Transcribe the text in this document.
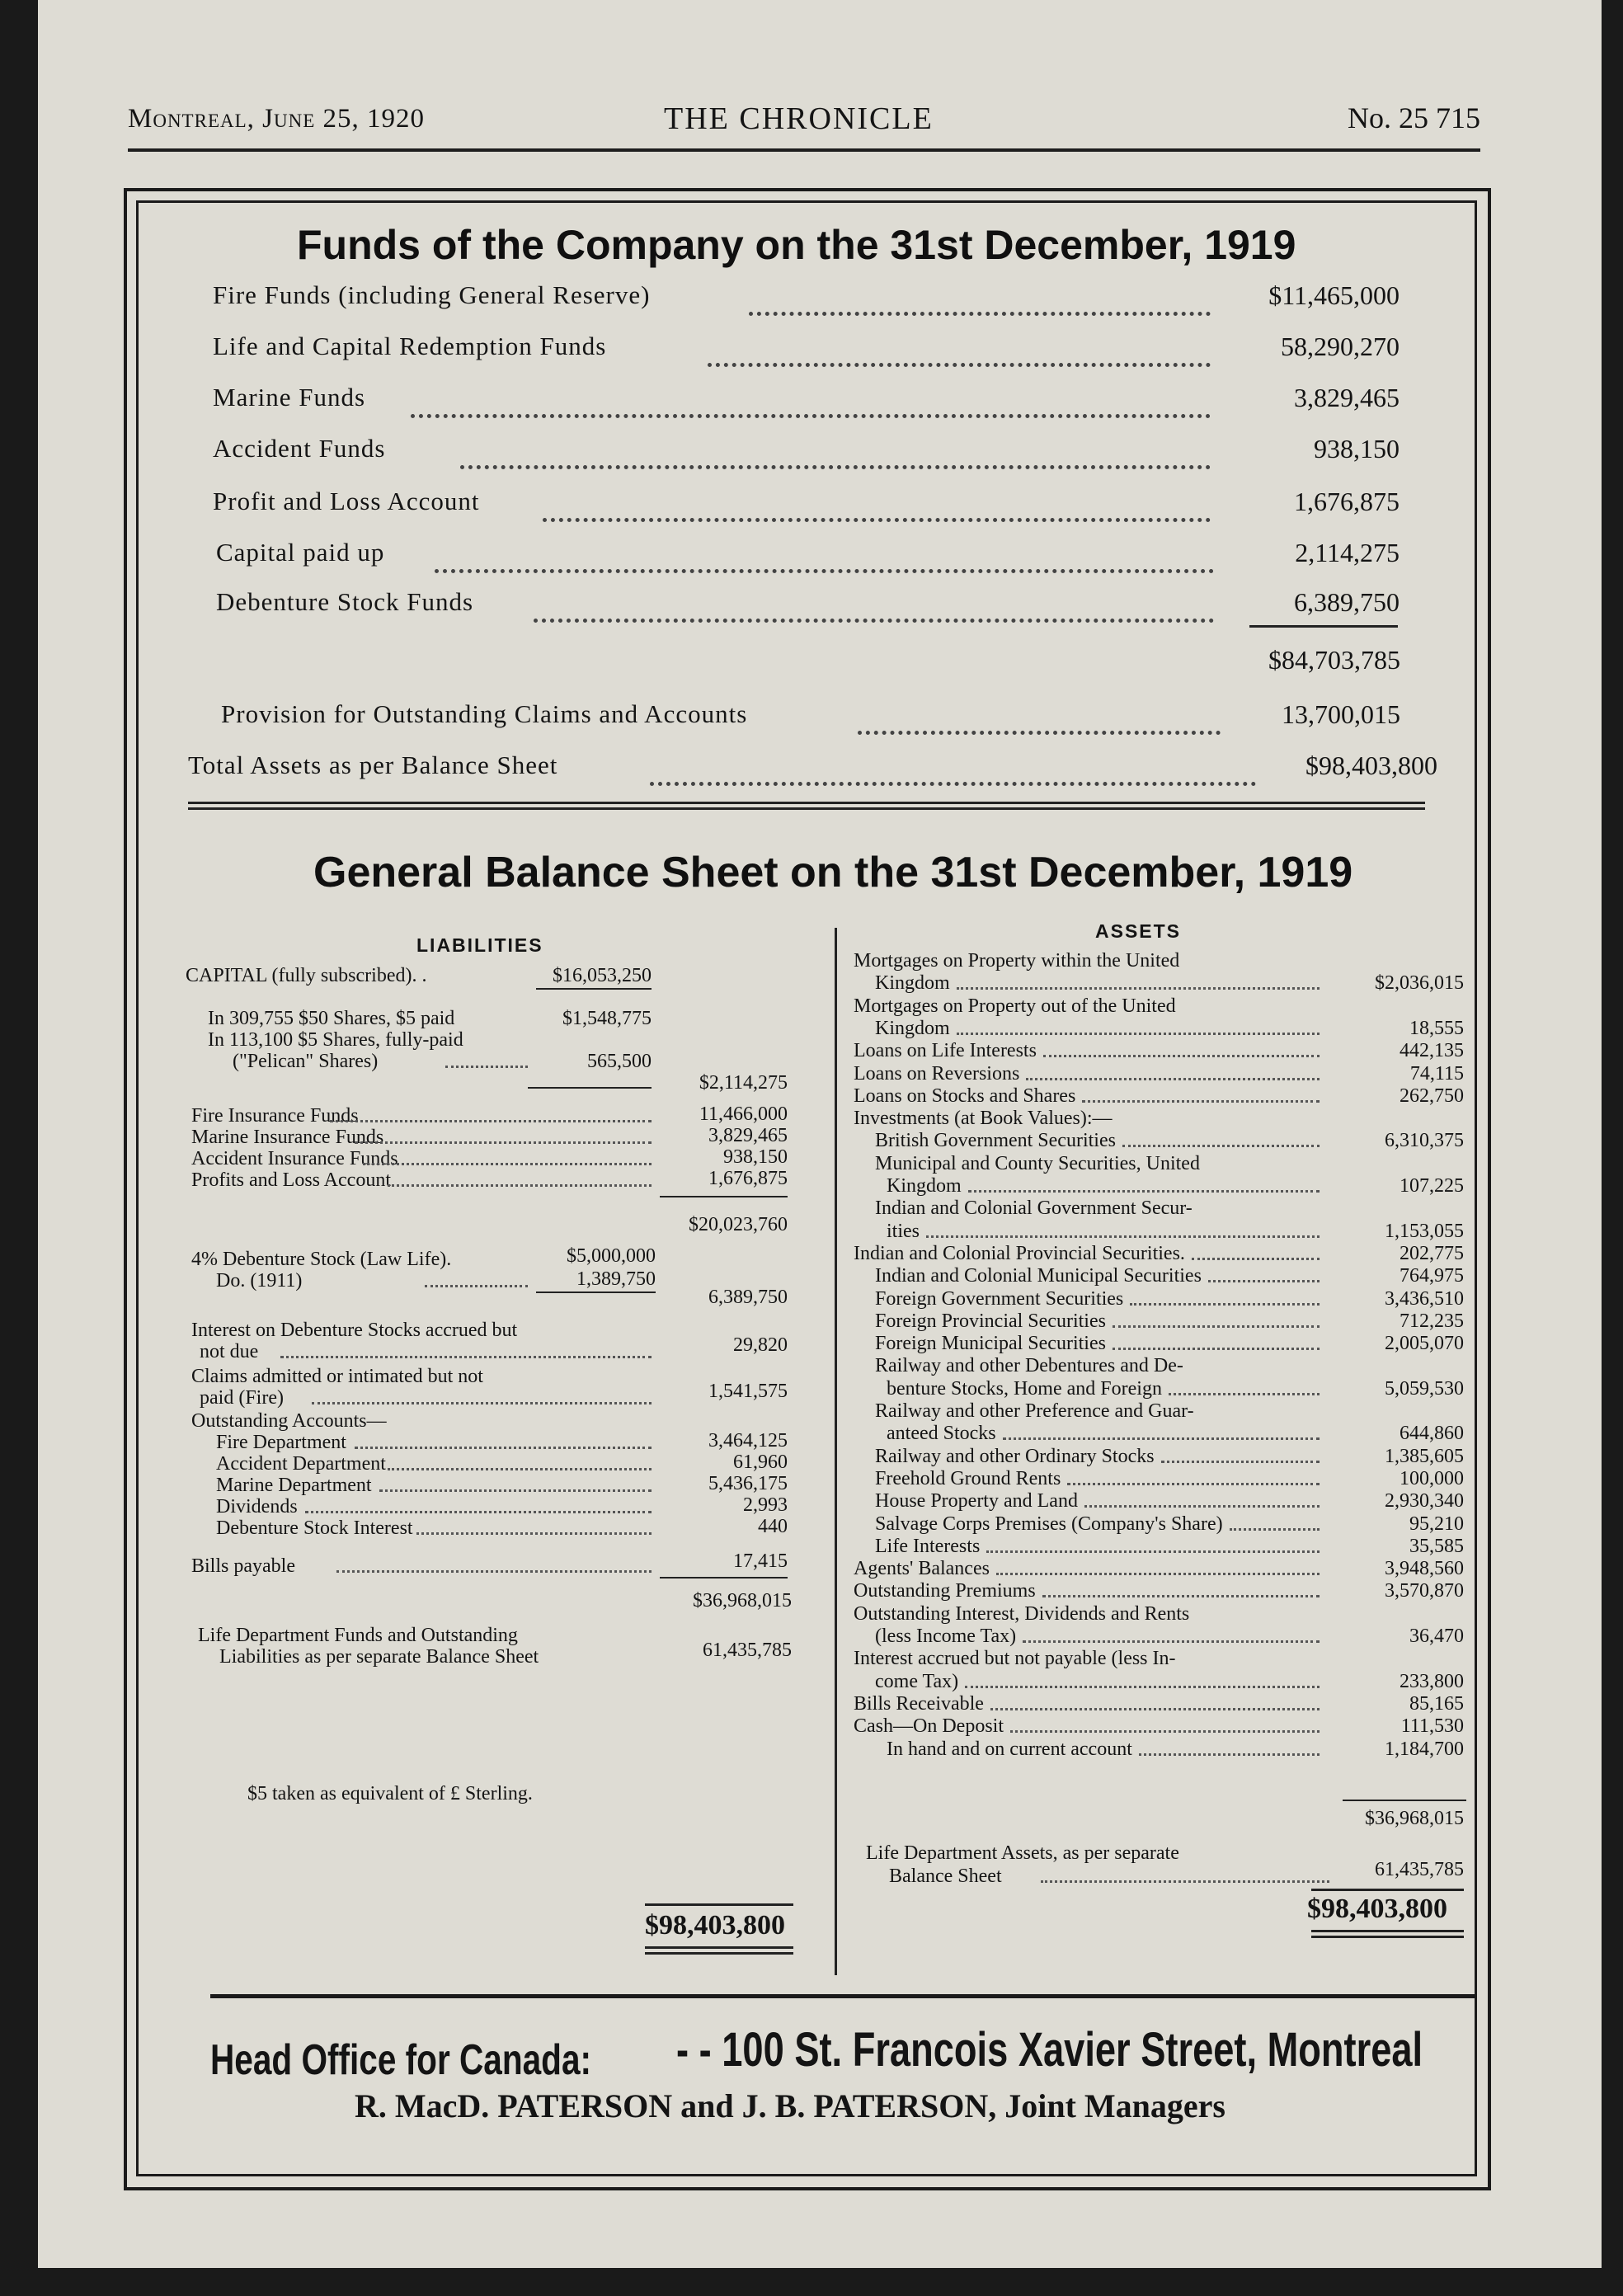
Montreal, June 25, 1920	THE CHRONICLE	No. 25 715
Funds of the Company on the 31st December, 1919
Fire Funds (including General Reserve)	$11,465,000
Life and Capital Redemption Funds	58,290,270
Marine Funds	3,829,465
Accident Funds	938,150
Profit and Loss Account	1,676,875
Capital paid up	2,114,275
Debenture Stock Funds	6,389,750
$84,703,785
Provision for Outstanding Claims and Accounts	13,700,015
Total Assets as per Balance Sheet	$98,403,800
General Balance Sheet on the 31st December, 1919
LIABILITIES
ASSETS
CAPITAL (fully subscribed). .	$16,053,250
In 309,755 $50 Shares, $5 paid	$1,548,775
In 113,100 $5 Shares, fully-paid
("Pelican" Shares)	565,500
$2,114,275
Fire Insurance Funds	11,466,000
Marine Insurance Funds	3,829,465
Accident Insurance Funds	938,150
Profits and Loss Account	1,676,875
$20,023,760
4% Debenture Stock (Law Life).	$5,000,000
Do. (1911)	1,389,750
6,389,750
Interest on Debenture Stocks accrued but
not due	29,820
Claims admitted or intimated but not
paid (Fire)	1,541,575
Outstanding Accounts—
Fire Department	3,464,125
Accident Department	61,960
Marine Department	5,436,175
Dividends	2,993
Debenture Stock Interest	440
Bills payable	17,415
$36,968,015
Life Department Funds and Outstanding
Liabilities as per separate Balance Sheet	61,435,785
$5 taken as equivalent of £ Sterling.
$98,403,800
Mortgages on Property within the United
Kingdom	$2,036,015
Mortgages on Property out of the United
Kingdom	18,555
Loans on Life Interests	442,135
Loans on Reversions	74,115
Loans on Stocks and Shares	262,750
Investments (at Book Values):—
British Government Securities	6,310,375
Municipal and County Securities, United
Kingdom	107,225
Indian and Colonial Government Secur-
ities	1,153,055
Indian and Colonial Provincial Securities.	202,775
Indian and Colonial Municipal Securities	764,975
Foreign Government Securities	3,436,510
Foreign Provincial Securities	712,235
Foreign Municipal Securities	2,005,070
Railway and other Debentures and De-
benture Stocks, Home and Foreign	5,059,530
Railway and other Preference and Guar-
anteed Stocks	644,860
Railway and other Ordinary Stocks	1,385,605
Freehold Ground Rents	100,000
House Property and Land	2,930,340
Salvage Corps Premises (Company's Share)	95,210
Life Interests	35,585
Agents' Balances	3,948,560
Outstanding Premiums	3,570,870
Outstanding Interest, Dividends and Rents
(less Income Tax)	36,470
Interest accrued but not payable (less In-
come Tax)	233,800
Bills Receivable	85,165
Cash—On Deposit	111,530
In hand and on current account	1,184,700
$36,968,015
Life Department Assets, as per separate
Balance Sheet	61,435,785
$98,403,800
Head Office for Canada: - - 100 St. Francois Xavier Street, Montreal
R. MacD. PATERSON and J. B. PATERSON, Joint Managers
